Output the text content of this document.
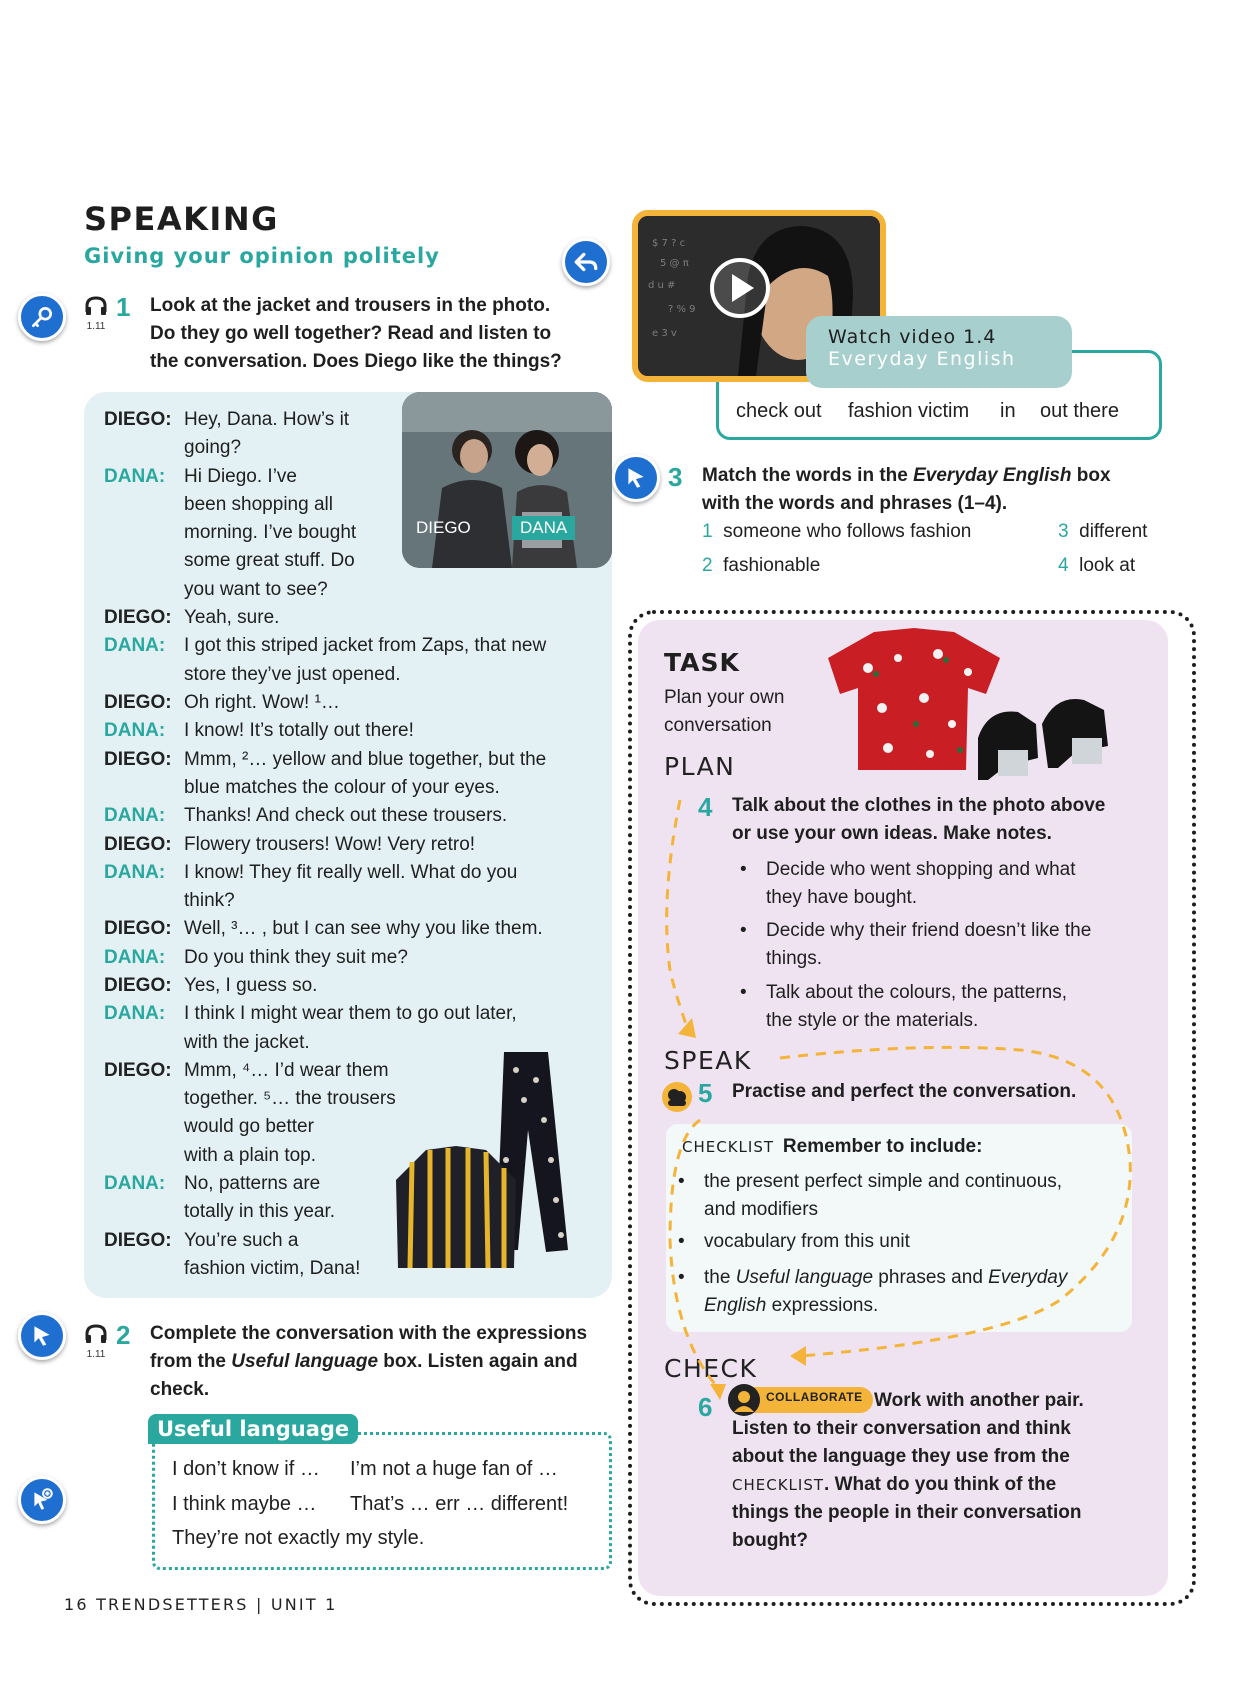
SPEAKING
Giving your opinion politely
1.11
1 Look at the jacket and trousers in the photo.
Do they go well together? Read and listen to
the conversation. Does Diego like the things?
DIEGO	DANA
DIEGO: Hey, Dana. How’s it
going?
DANA: Hi Diego. I’ve
been shopping all
morning. I’ve bought
some great stuff. Do
you want to see?
DIEGO: Yeah, sure.
DANA: I got this striped jacket from Zaps, that new
store they’ve just opened.
DIEGO: Oh right. Wow! ¹…
DANA: I know! It’s totally out there!
DIEGO: Mmm, ²… yellow and blue together, but the
blue matches the colour of your eyes.
DANA: Thanks! And check out these trousers.
DIEGO: Flowery trousers! Wow! Very retro!
DANA: I know! They fit really well. What do you
think?
DIEGO: Well, ³… , but I can see why you like them.
DANA: Do you think they suit me?
DIEGO: Yes, I guess so.
DANA: I think I might wear them to go out later,
with the jacket.
DIEGO: Mmm, ⁴… I’d wear them
together. ⁵… the trousers
would go better
with a plain top.
DANA: No, patterns are
totally in this year.
DIEGO: You’re such a
fashion victim, Dana!
1.11
2 Complete the conversation with the expressions
from the Useful language box. Listen again and
check.
Useful language
I don’t know if … I’m not a huge fan of …
I think maybe … That’s … err … different!
They’re not exactly my style.
check out fashion victim in out there
$ 7 ? c
5 @ π
d u #
? % 9
e 3 v	Watch video 1.4
Everyday English
3 Match the words in the Everyday English box
with the words and phrases (1–4).
1 someone who follows fashion
2 fashionable
3 different
4 look at
TASK
Plan your own
conversation
PLAN
4 Talk about the clothes in the photo above
or use your own ideas. Make notes.
• Decide who went shopping and what
they have bought.
• Decide why their friend doesn’t like the
things.
• Talk about the colours, the patterns,
the style or the materials.
SPEAK
5 Practise and perfect the conversation.
CHECKLIST Remember to include:
• the present perfect simple and continuous,
and modifiers
• vocabulary from this unit
• the Useful language phrases and Everyday
English expressions.
CHECK
6	COLLABORATE Work with another pair.
Listen to their conversation and think
about the language they use from the
CHECKLIST. What do you think of the
things the people in their conversation
bought?
16 TRENDSETTERS | UNIT 1
